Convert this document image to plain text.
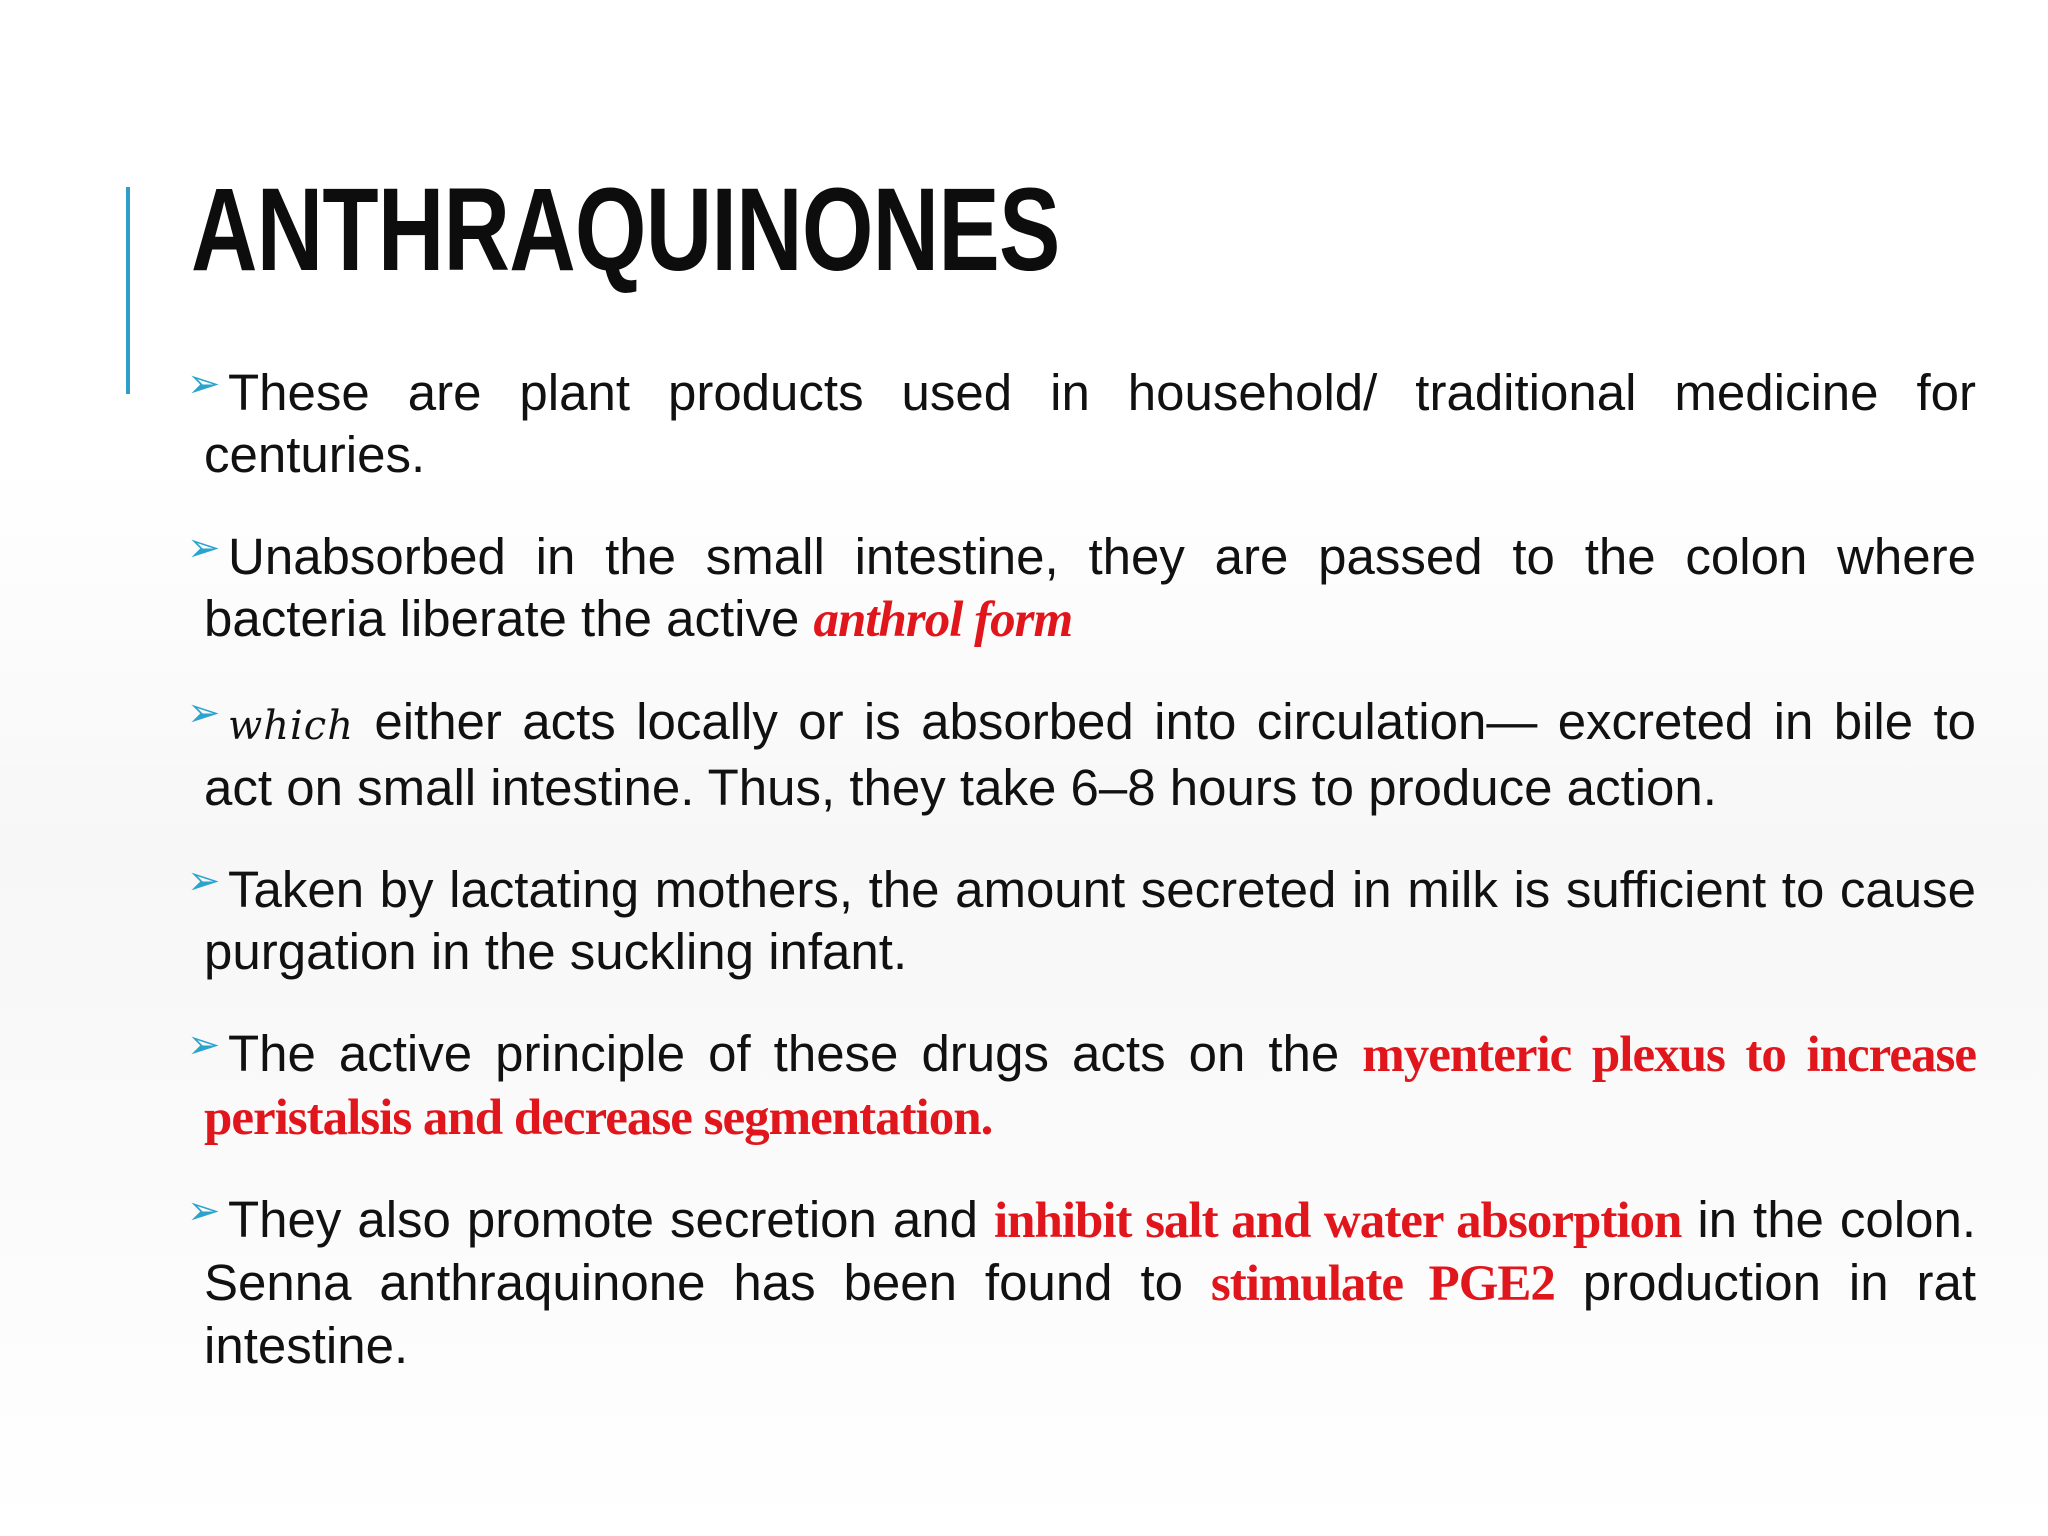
ANTHRAQUINONES
➢ These are plant products used in household/ traditional medicine for centuries.
➢ Unabsorbed in the small intestine, they are passed to the colon where bacteria liberate the active anthrol form
➢ which either acts locally or is absorbed into circulation— excreted in bile to act on small intestine. Thus, they take 6–8 hours to produce action.
➢ Taken by lactating mothers, the amount secreted in milk is sufficient to cause purgation in the suckling infant.
➢ The active principle of these drugs acts on the myenteric plexus to increase peristalsis and decrease segmentation.
➢ They also promote secretion and inhibit salt and water absorption in the colon. Senna anthraquinone has been found to stimulate PGE2 production in rat intestine.
